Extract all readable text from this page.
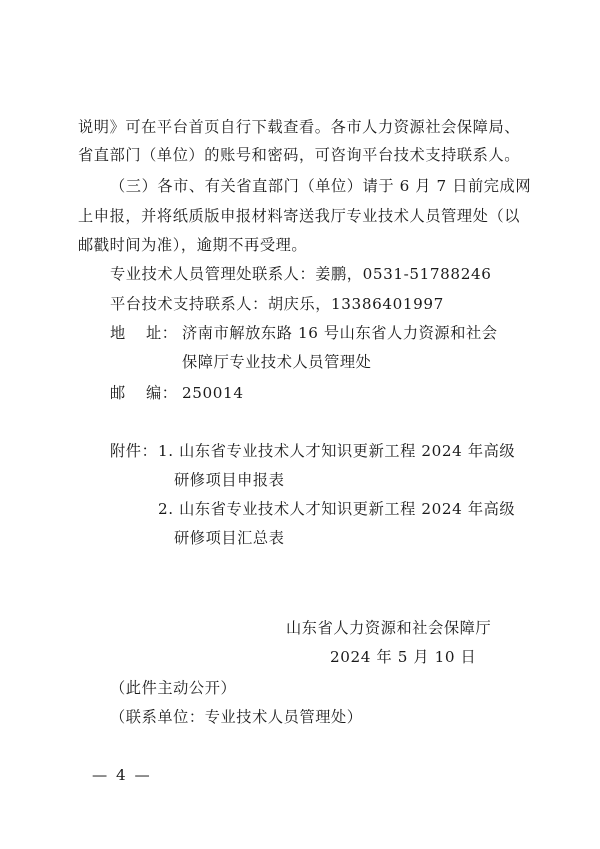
说明》可在平台首页自行下载查看。各市人力资源社会保障局、
省直部门（单位）的账号和密码，可咨询平台技术支持联系人。
（三）各市、有关省直部门（单位）请于 6 月 7 日前完成网
上申报，并将纸质版申报材料寄送我厅专业技术人员管理处（以
邮戳时间为准），逾期不再受理。
专业技术人员管理处联系人：姜鹏，0531-51788246
平台技术支持联系人：胡庆乐，13386401997
地 址： 济南市解放东路 16 号山东省人力资源和社会
保障厅专业技术人员管理处
邮 编： 250014
附件： 1. 山东省专业技术人才知识更新工程 2024 年高级
研修项目申报表
2. 山东省专业技术人才知识更新工程 2024 年高级
研修项目汇总表
山东省人力资源和社会保障厅
2024 年 5 月 10 日
（此件主动公开）
（联系单位：专业技术人员管理处）
— 4 —
